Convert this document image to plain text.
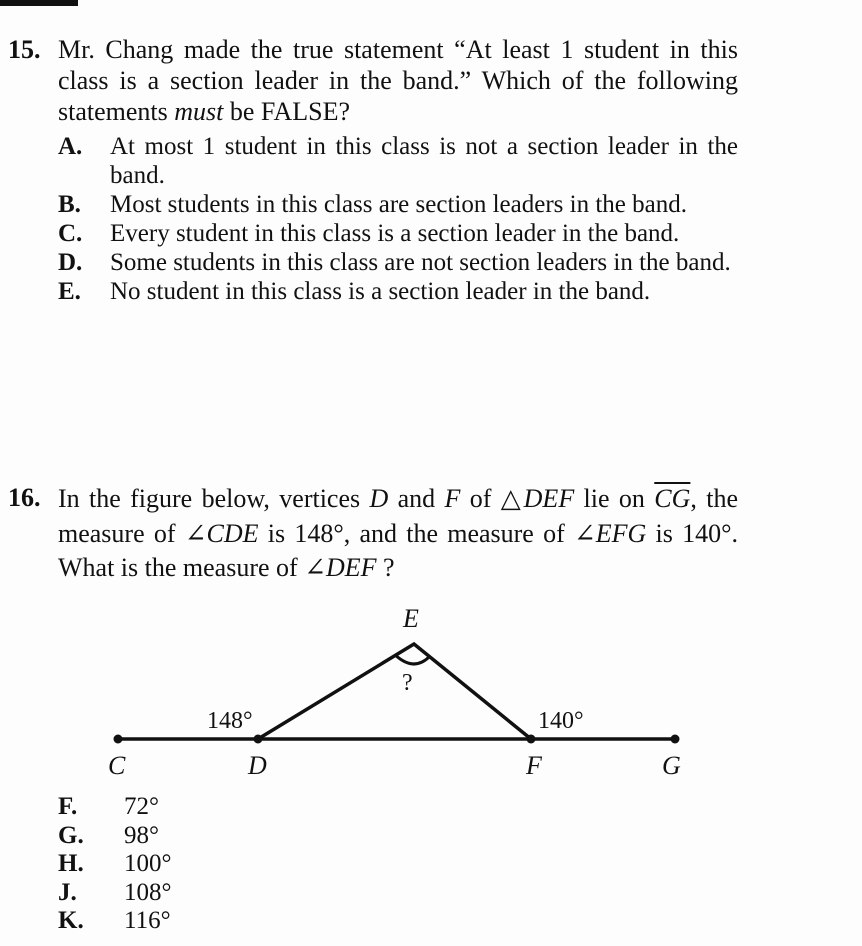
15. Mr. Chang made the true statement “At least 1 student in this class is a section leader in the band.” Which of the following statements must be FALSE?
A.	At most 1 student in this class is not a section leader in the band.
B.	Most students in this class are section leaders in the band.
C.	Every student in this class is a section leader in the band.
D.	Some students in this class are not section leaders in the band.
E.	No student in this class is a section leader in the band.
16. In the figure below, vertices D and F of △DEF lie on $\overline{CG}$, the measure of ∠CDE is 148°, and the measure of ∠EFG is 140°. What is the measure of ∠DEF ?
E
?
148°	140°
C	D	F	G
F.	72°
G.	98°
H.	100°
J.	108°
K.	116°
